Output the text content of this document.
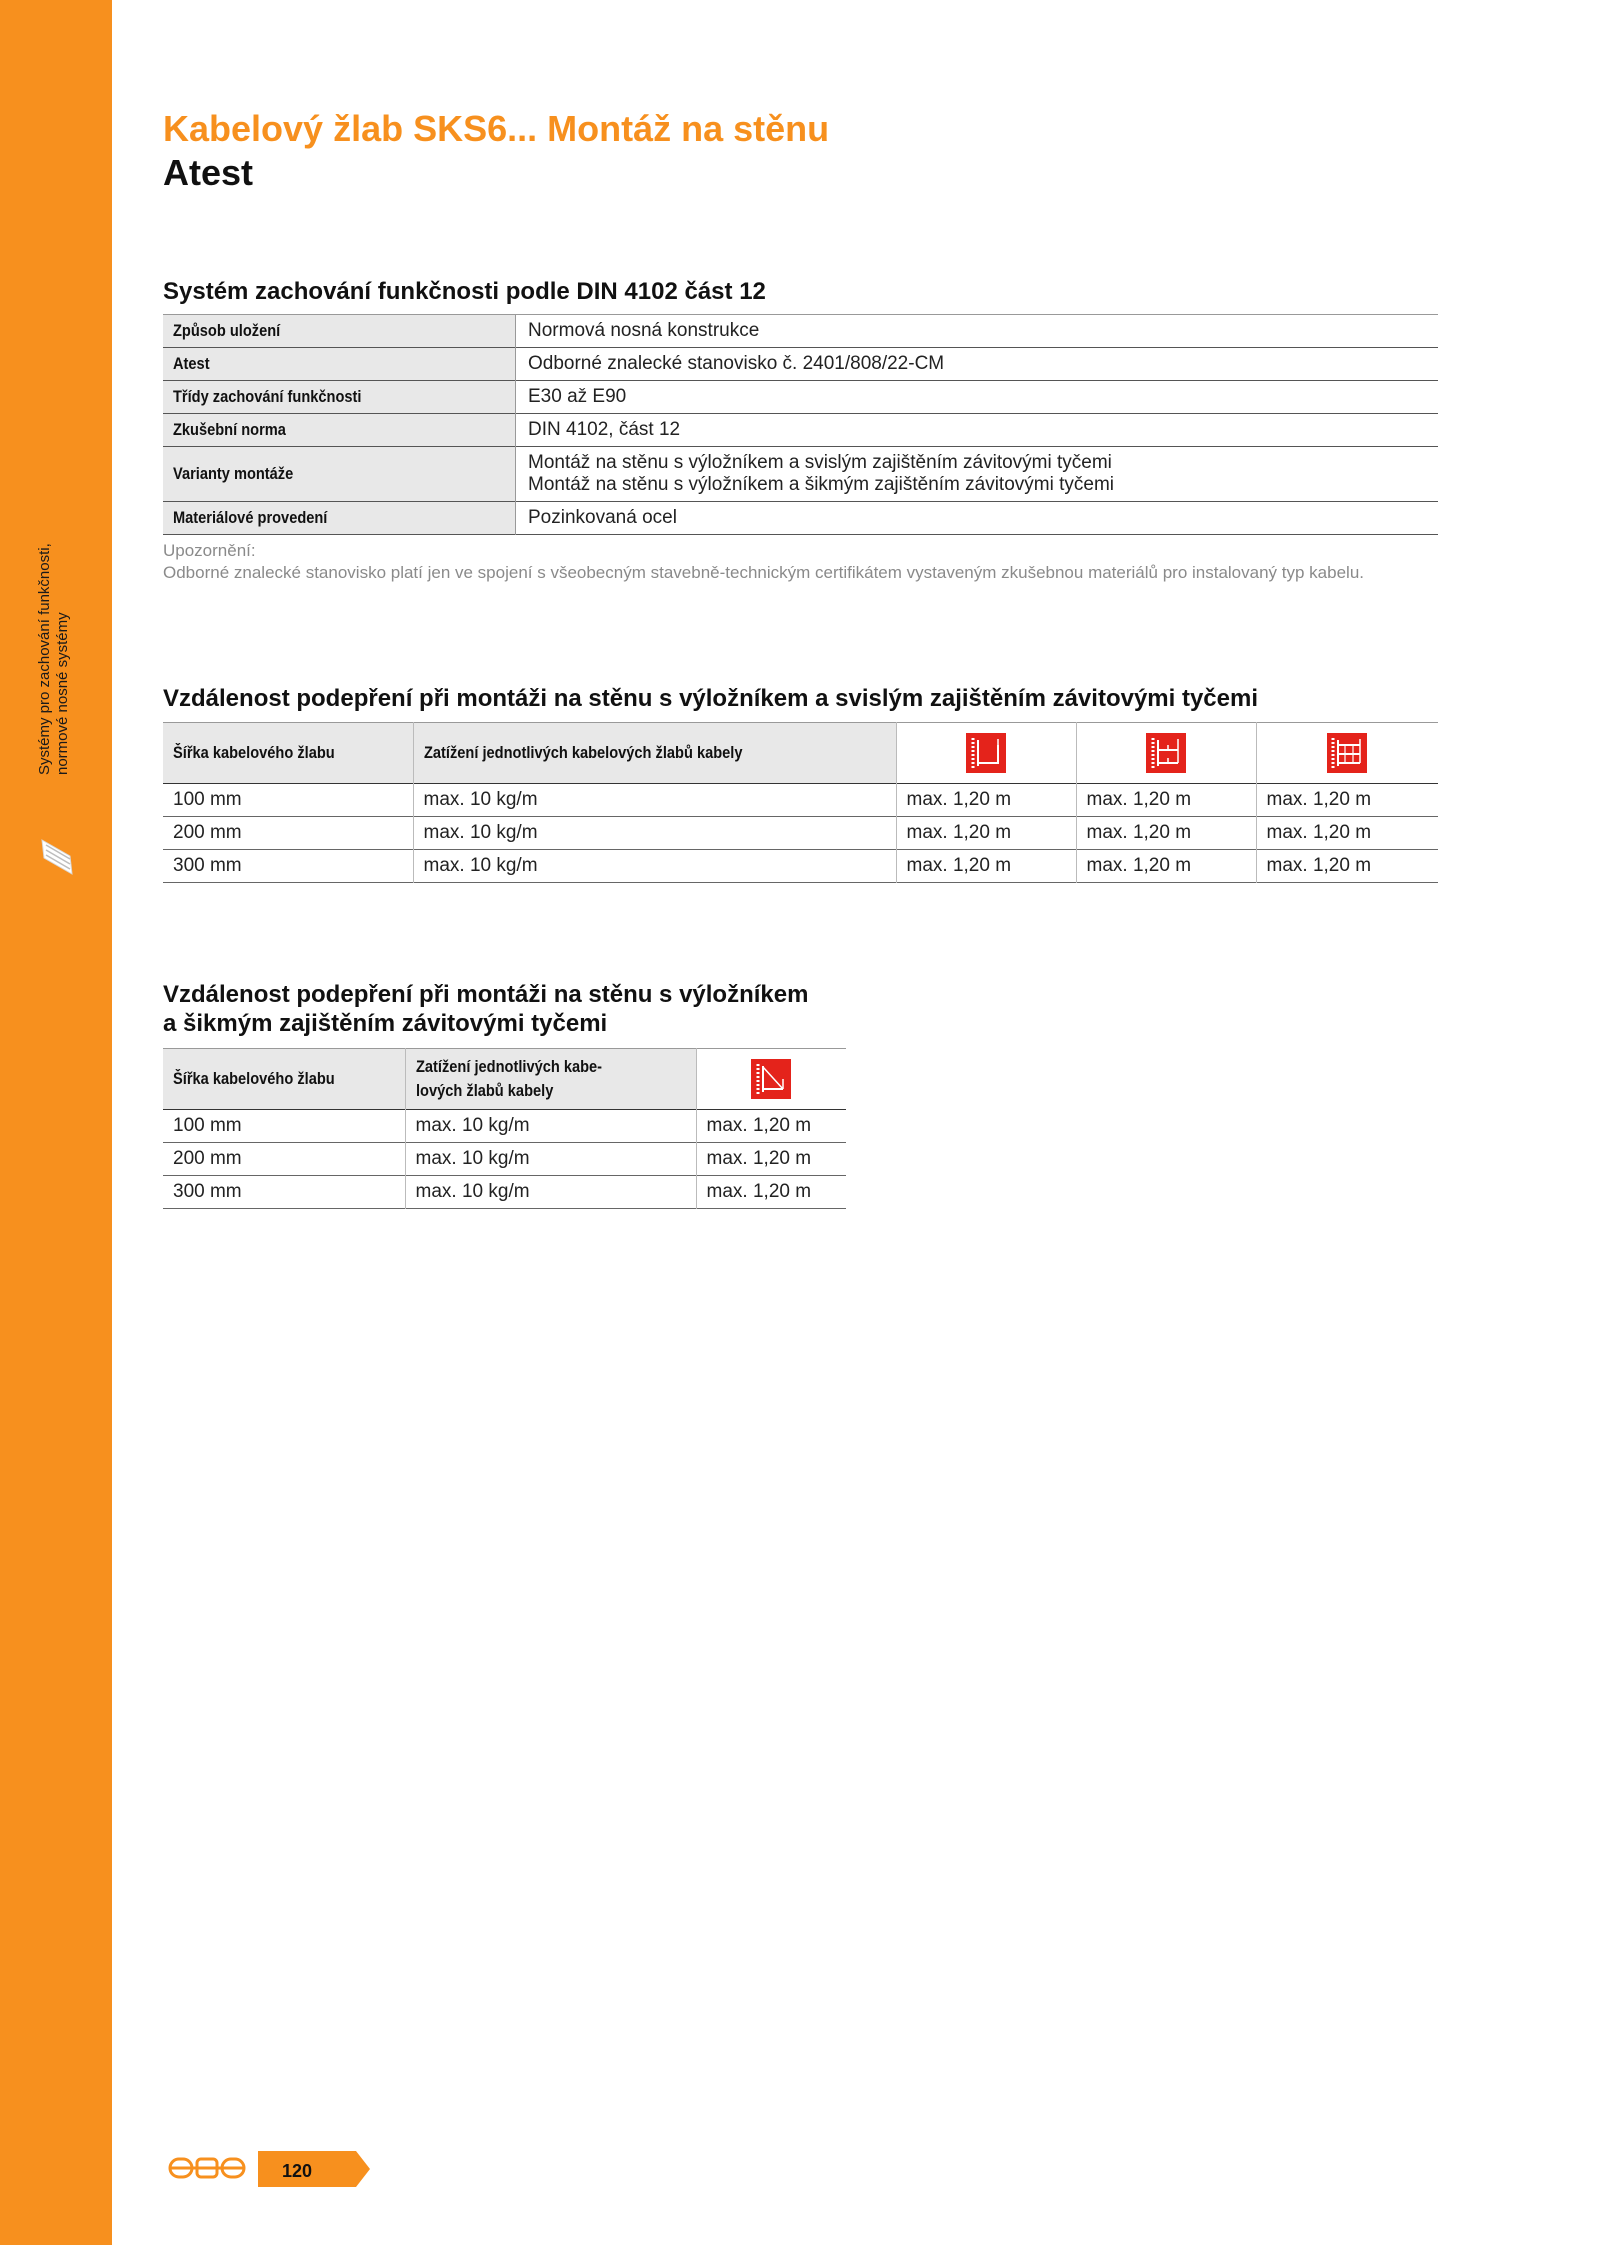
Systémy pro zachování funkčnosti, normové nosné systémy
Kabelový žlab SKS6... Montáž na stěnu
Atest
Systém zachování funkčnosti podle DIN 4102 část 12
Způsob uložení	Normová nosná konstrukce
Atest	Odborné znalecké stanovisko č. 2401/808/22-CM
Třídy zachování funkčnosti	E30 až E90
Zkušební norma	DIN 4102, část 12
Varianty montáže	Montáž na stěnu s výložníkem a svislým zajištěním závitovými tyčemi
Montáž na stěnu s výložníkem a šikmým zajištěním závitovými tyčemi

Materiálové provedení	Pozinkovaná ocel
Upozornění:
Odborné znalecké stanovisko platí jen ve spojení s všeobecným stavebně-technickým certifikátem vystaveným zkušebnou materiálů pro instalovaný typ kabelu.
Vzdálenost podepření při montáži na stěnu s výložníkem a svislým zajištěním závitovými tyčemi
Šířka kabelového žlabu	Zatížení jednotlivých kabelových žlabů kabely			
100 mm	max. 10 kg/m	max. 1,20 m	max. 1,20 m	max. 1,20 m
200 mm	max. 10 kg/m	max. 1,20 m	max. 1,20 m	max. 1,20 m
300 mm	max. 10 kg/m	max. 1,20 m	max. 1,20 m	max. 1,20 m
Vzdálenost podepření při montáži na stěnu s výložníkem
a šikmým zajištěním závitovými tyčemi
Šířka kabelového žlabu	Zatížení jednotlivých kabe-lových žlabů kabely	
100 mm	max. 10 kg/m	max. 1,20 m
200 mm	max. 10 kg/m	max. 1,20 m
300 mm	max. 10 kg/m	max. 1,20 m
120
